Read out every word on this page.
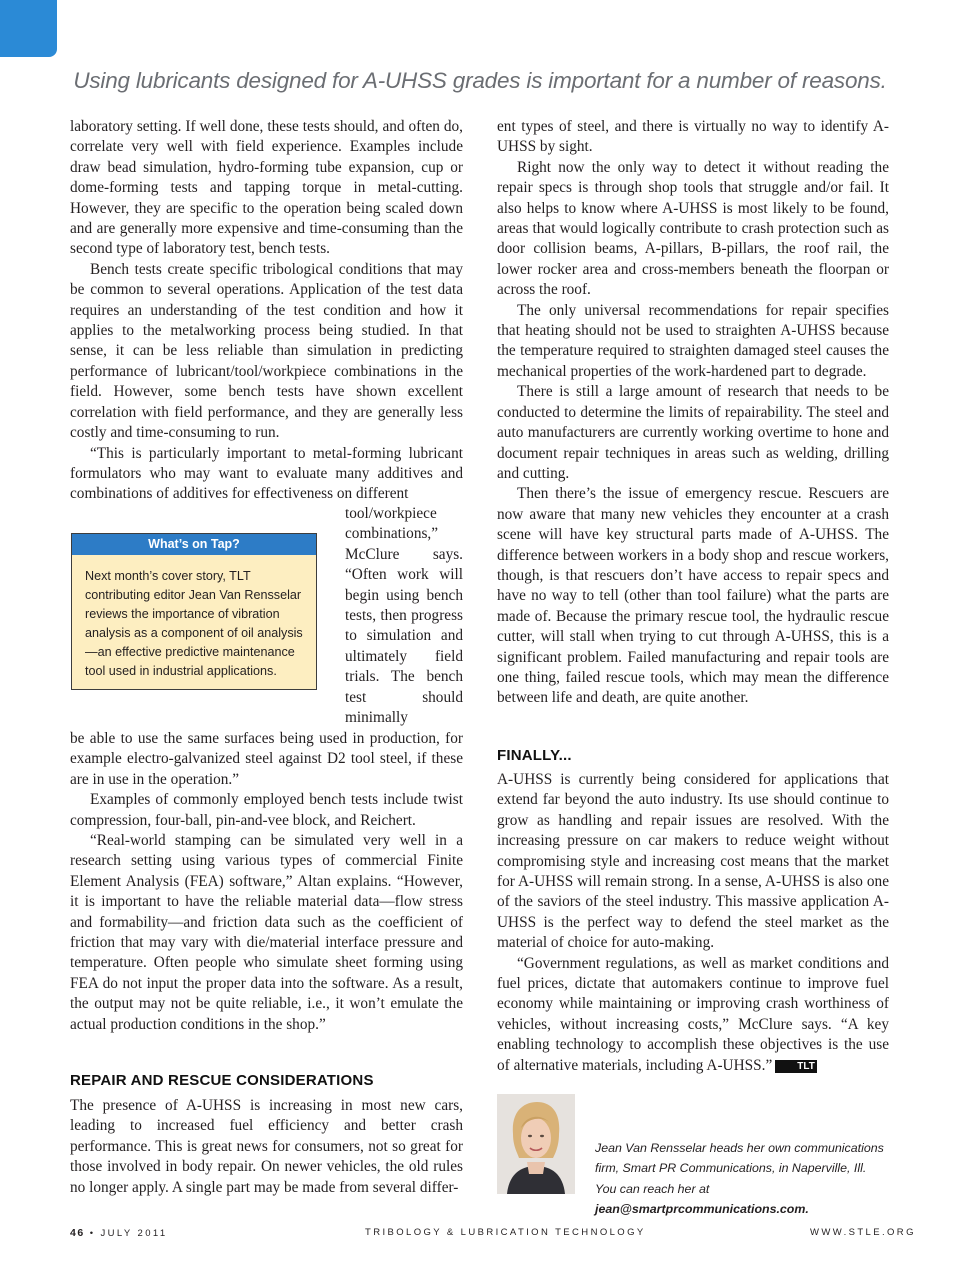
Using lubricants designed for A-UHSS grades is important for a number of reasons.

laboratory setting. If well done, these tests should, and often do, correlate very well with field experience. Examples include draw bead simulation, hydro-forming tube expansion, cup or dome-forming tests and tapping torque in metal-cutting. However, they are specific to the operation being scaled down and are generally more expensive and time-consuming than the second type of laboratory test, bench tests.

Bench tests create specific tribological conditions that may be common to several operations. Application of the test data requires an understanding of the test condition and how it applies to the metalworking process being studied. In that sense, it can be less reliable than simulation in predicting performance of lubricant/tool/workpiece combinations in the field. However, some bench tests have shown excellent correlation with field performance, and they are generally less costly and time-consuming to run.

“This is particularly important to metal-forming lubricant formulators who may want to evaluate many additives and combinations of additives for effectiveness on different

tool/workpiece combinations,” McClure says. “Often work will begin using bench tests, then progress to simulation and ultimately field trials. The bench test should minimally

What’s on Tap?
Next month’s cover story, TLT contributing editor Jean Van Rensselar reviews the importance of vibration analysis as a component of oil analysis—an effective predictive maintenance tool used in industrial applications.

be able to use the same surfaces being used in production, for example electro-galvanized steel against D2 tool steel, if these are in use in the operation.”

Examples of commonly employed bench tests include twist compression, four-ball, pin-and-vee block, and Reichert.

“Real-world stamping can be simulated very well in a research setting using various types of commercial Finite Element Analysis (FEA) software,” Altan explains. “However, it is important to have the reliable material data—flow stress and formability—and friction data such as the coefficient of friction that may vary with die/material interface pressure and temperature. Often people who simulate sheet forming using FEA do not input the proper data into the software. As a result, the output may not be quite reliable, i.e., it won’t emulate the actual production conditions in the shop.”

REPAIR AND RESCUE CONSIDERATIONS

The presence of A-UHSS is increasing in most new cars, leading to increased fuel efficiency and better crash performance. This is great news for consumers, not so great for those involved in body repair. On newer vehicles, the old rules no longer apply. A single part may be made from several differ-

ent types of steel, and there is virtually no way to identify A-UHSS by sight.

Right now the only way to detect it without reading the repair specs is through shop tools that struggle and/or fail. It also helps to know where A-UHSS is most likely to be found, areas that would logically contribute to crash protection such as door collision beams, A-pillars, B-pillars, the roof rail, the lower rocker area and cross-members beneath the floorpan or across the roof.

The only universal recommendations for repair specifies that heating should not be used to straighten A-UHSS because the temperature required to straighten damaged steel causes the mechanical properties of the work-hardened part to degrade.

There is still a large amount of research that needs to be conducted to determine the limits of repairability. The steel and auto manufacturers are currently working overtime to hone and document repair techniques in areas such as welding, drilling and cutting.

Then there’s the issue of emergency rescue. Rescuers are now aware that many new vehicles they encounter at a crash scene will have key structural parts made of A-UHSS. The difference between workers in a body shop and rescue workers, though, is that rescuers don’t have access to repair specs and have no way to tell (other than tool failure) what the parts are made of. Because the primary rescue tool, the hydraulic rescue cutter, will stall when trying to cut through A-UHSS, this is a significant problem. Failed manufacturing and repair tools are one thing, failed rescue tools, which may mean the difference between life and death, are quite another.

FINALLY...

A-UHSS is currently being considered for applications that extend far beyond the auto industry. Its use should continue to grow as handling and repair issues are resolved. With the increasing pressure on car makers to reduce weight without compromising style and increasing cost means that the market for A-UHSS will remain strong. In a sense, A-UHSS is also one of the saviors of the steel industry. This massive application A-UHSS is the perfect way to defend the steel market as the material of choice for auto-making.

“Government regulations, as well as market conditions and fuel prices, dictate that automakers continue to improve fuel economy while maintaining or improving crash worthiness of vehicles, without increasing costs,” McClure says. “A key enabling technology to accomplish these objectives is the use of alternative materials, including A-UHSS.”	TLT

Jean Van Rensselar heads her own communications firm, Smart PR Communications, in Naperville, Ill. You can reach her at jean@smartprcommunications.com.

46 • JULY 2011	TRIBOLOGY & LUBRICATION TECHNOLOGY	WWW.STLE.ORG
